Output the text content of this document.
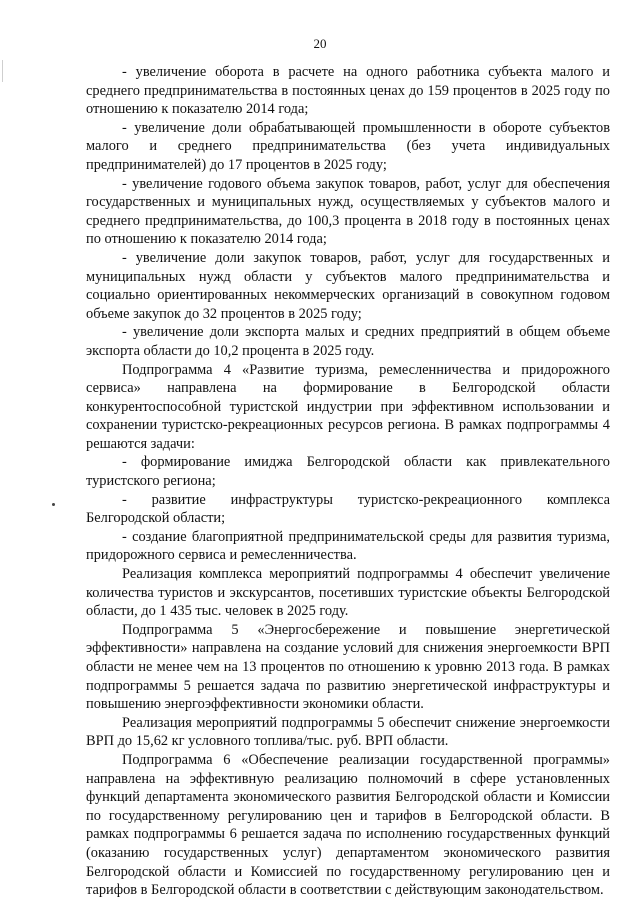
20

- увеличение оборота в расчете на одного работника субъекта малого и среднего предпринимательства в постоянных ценах до 159 процентов в 2025 году по отношению к показателю 2014 года;

- увеличение доли обрабатывающей промышленности в обороте субъектов малого и среднего предпринимательства (без учета индивидуальных предпринимателей) до 17 процентов в 2025 году;

- увеличение годового объема закупок товаров, работ, услуг для обеспечения государственных и муниципальных нужд, осуществляемых у субъектов малого и среднего предпринимательства, до 100,3 процента в 2018 году в постоянных ценах по отношению к показателю 2014 года;

- увеличение доли закупок товаров, работ, услуг для государственных и муниципальных нужд области у субъектов малого предпринимательства и социально ориентированных некоммерческих организаций в совокупном годовом объеме закупок до 32 процентов в 2025 году;

- увеличение доли экспорта малых и средних предприятий в общем объеме экспорта области до 10,2 процента в 2025 году.

Подпрограмма 4 «Развитие туризма, ремесленничества и придорожного сервиса» направлена на формирование в Белгородской области конкурентоспособной туристской индустрии при эффективном использовании и сохранении туристско-рекреационных ресурсов региона. В рамках подпрограммы 4 решаются задачи:

- формирование имиджа Белгородской области как привлекательного туристского региона;

- развитие инфраструктуры туристско-рекреационного комплекса Белгородской области;

- создание благоприятной предпринимательской среды для развития туризма, придорожного сервиса и ремесленничества.

Реализация комплекса мероприятий подпрограммы 4 обеспечит увеличение количества туристов и экскурсантов, посетивших туристские объекты Белгородской области, до 1 435 тыс. человек в 2025 году.

Подпрограмма 5 «Энергосбережение и повышение энергетической эффективности» направлена на создание условий для снижения энергоемкости ВРП области не менее чем на 13 процентов по отношению к уровню 2013 года. В рамках подпрограммы 5 решается задача по развитию энергетической инфраструктуры и повышению энергоэффективности экономики области.

Реализация мероприятий подпрограммы 5 обеспечит снижение энергоемкости ВРП до 15,62 кг условного топлива/тыс. руб. ВРП области.

Подпрограмма 6 «Обеспечение реализации государственной программы» направлена на эффективную реализацию полномочий в сфере установленных функций департамента экономического развития Белгородской области и Комиссии по государственному регулированию цен и тарифов в Белгородской области. В рамках подпрограммы 6 решается задача по исполнению государственных функций (оказанию государственных услуг) департаментом экономического развития Белгородской области и Комиссией по государственному регулированию цен и тарифов в Белгородской области в соответствии с действующим законодательством.
